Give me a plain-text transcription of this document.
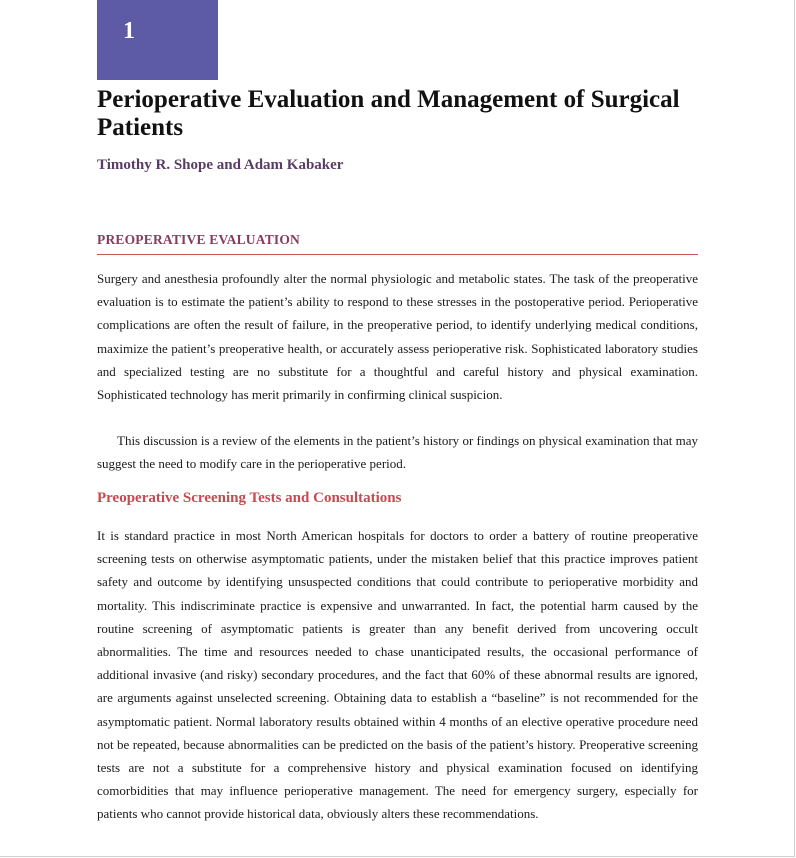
1
Perioperative Evaluation and Management of Surgical Patients

Timothy R. Shope and Adam Kabaker

PREOPERATIVE EVALUATION

Surgery and anesthesia profoundly alter the normal physiologic and metabolic states. The task of the preoperative evaluation is to estimate the patient’s ability to respond to these stresses in the postoperative period. Perioperative complications are often the result of failure, in the preoperative period, to identify underlying medical conditions, maximize the patient’s preoperative health, or accurately assess perioperative risk. Sophisticated laboratory studies and specialized testing are no substitute for a thoughtful and careful history and physical examination. Sophisticated technology has merit primarily in confirming clinical suspicion.

This discussion is a review of the elements in the patient’s history or findings on physical examination that may suggest the need to modify care in the perioperative period.

Preoperative Screening Tests and Consultations

It is standard practice in most North American hospitals for doctors to order a battery of routine preoperative screening tests on otherwise asymptomatic patients, under the mistaken belief that this practice improves patient safety and outcome by identifying unsuspected conditions that could contribute to perioperative morbidity and mortality. This indiscriminate practice is expensive and unwarranted. In fact, the potential harm caused by the routine screening of asymptomatic patients is greater than any benefit derived from uncovering occult abnormalities. The time and resources needed to chase unanticipated results, the occasional performance of additional invasive (and risky) secondary procedures, and the fact that 60% of these abnormal results are ignored, are arguments against unselected screening. Obtaining data to establish a “baseline” is not recommended for the asymptomatic patient. Normal laboratory results obtained within 4 months of an elective operative procedure need not be repeated, because abnormalities can be predicted on the basis of the patient’s history. Preoperative screening tests are not a substitute for a comprehensive history and physical examination focused on identifying comorbidities that may influence perioperative management. The need for emergency surgery, especially for patients who cannot provide historical data, obviously alters these recommendations.
